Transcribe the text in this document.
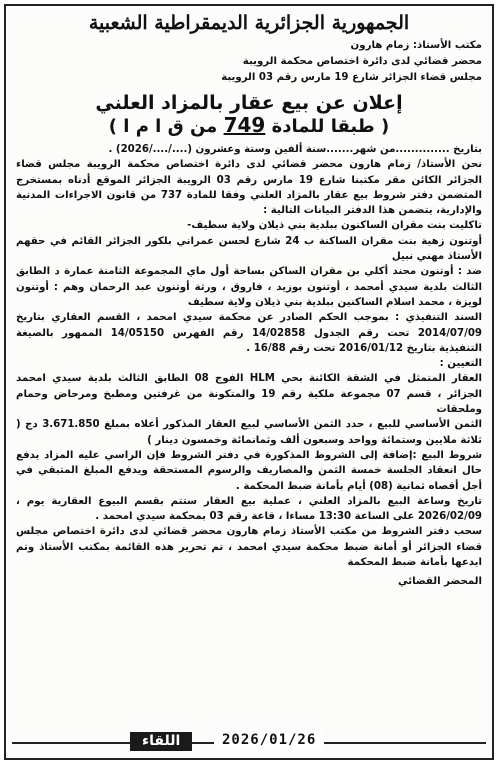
الجمهورية الجزائرية الديمقراطية الشعبية
مكتب الأستاذ: زمام هارون
محضر قضائي لدى دائرة اختصاص محكمة الرويبة
مجلس قضاء الجزائر شارع 19 مارس رقم 03 الرويبة
إعلان عن بيع عقار بالمزاد العلني
( طبقا للمادة 749 من ق ا م ا )

بتاريخ ..............من شهر.......سنة ألفين وستة وعشرون (..../..../2026) .

نحن الأستاذ/ زمام هارون محضر قضائي لدى دائرة اختصاص محكمة الرويبة مجلس قضاء الجزائر الكائن مقر مكتبنا شارع 19 مارس رقم 03 الرويبة الجزائر الموقع أدناه بمستخرج المتضمن دفتر شروط بيع عقار بالمزاد العلني وفقا للمادة 737 من قانون الاجراءات المدنية والإدارية، يتضمن هذا الدفتر البيانات التالية :

تاكليت بنت مقران الساكنون ببلدية بني ذيلان ولاية سطيف-

أوتنون زهية بنت مقران الساكنة ب 24 شارع لحسن عمراني بلكور الجزائر القائم في حقهم الأستاذ مهني نبيل

ضد : أوتنون محند أكلي بن مقران الساكن بساحة أول ماي المجموعة الثامنة عمارة د الطابق الثالث بلدية سيدي أمحمد ، أوتنون بوزيد ، فاروق ، ورثة أوتنون عبد الرحمان وهم : أوتنون لويزة ، محمد اسلام الساكنين ببلدية بني ذيلان ولاية سطيف

السند التنفيذي : بموجب الحكم الصادر عن محكمة سيدي امحمد ، القسم العقاري بتاريخ 2014/07/09 تحت رقم الجدول 14/02858 رقم الفهرس 14/05150 الممهور بالصيغة التنفيذية بتاريخ 2016/01/12 تحت رقم 16/88 .

التعيين :

العقار المتمثل في الشقة الكائنة بحي HLM الفوج 08 الطابق الثالث بلدية سيدي امحمد الجزائر ، قسم 07 مجموعة ملكية رقم 19 والمتكونة من غرفتين ومطبخ ومرحاض وحمام وملحقات

الثمن الأساسي للبيع ، حدد الثمن الأساسي لبيع العقار المذكور أعلاه بمبلغ 3.671.850 دج ( ثلاثة ملايين وستمائة وواحد وسبعون ألف وثمانمائة وخمسون دينار )

شروط البيع :إضافة إلى الشروط المذكورة في دفتر الشروط فإن الراسي عليه المزاد يدفع حال انعقاد الجلسة خمسة الثمن والمصاريف والرسوم المستحقة ويدفع المبلغ المتبقي في أجل أقصاه ثمانية (08) أيام بأمانة ضبط المحكمة .

تاريخ وساعة البيع بالمزاد العلني ، عملية بيع العقار ستتم بقسم البيوع العقارية يوم ، 2026/02/09 على الساعة 13:30 مساءا ، قاعة رقم 03 بمحكمة سيدي امحمد .

سحب دفتر الشروط من مكتب الأستاذ زمام هارون محضر قضائي لدى دائرة اختصاص مجلس قضاء الجزائر أو أمانة ضبط محكمة سيدي امحمد ، تم تحرير هذه القائمة بمكتب الأستاذ وتم ايدعها بأمانة ضبط المحكمة

المحضر القضائي
اللقاء	2026/01/26
